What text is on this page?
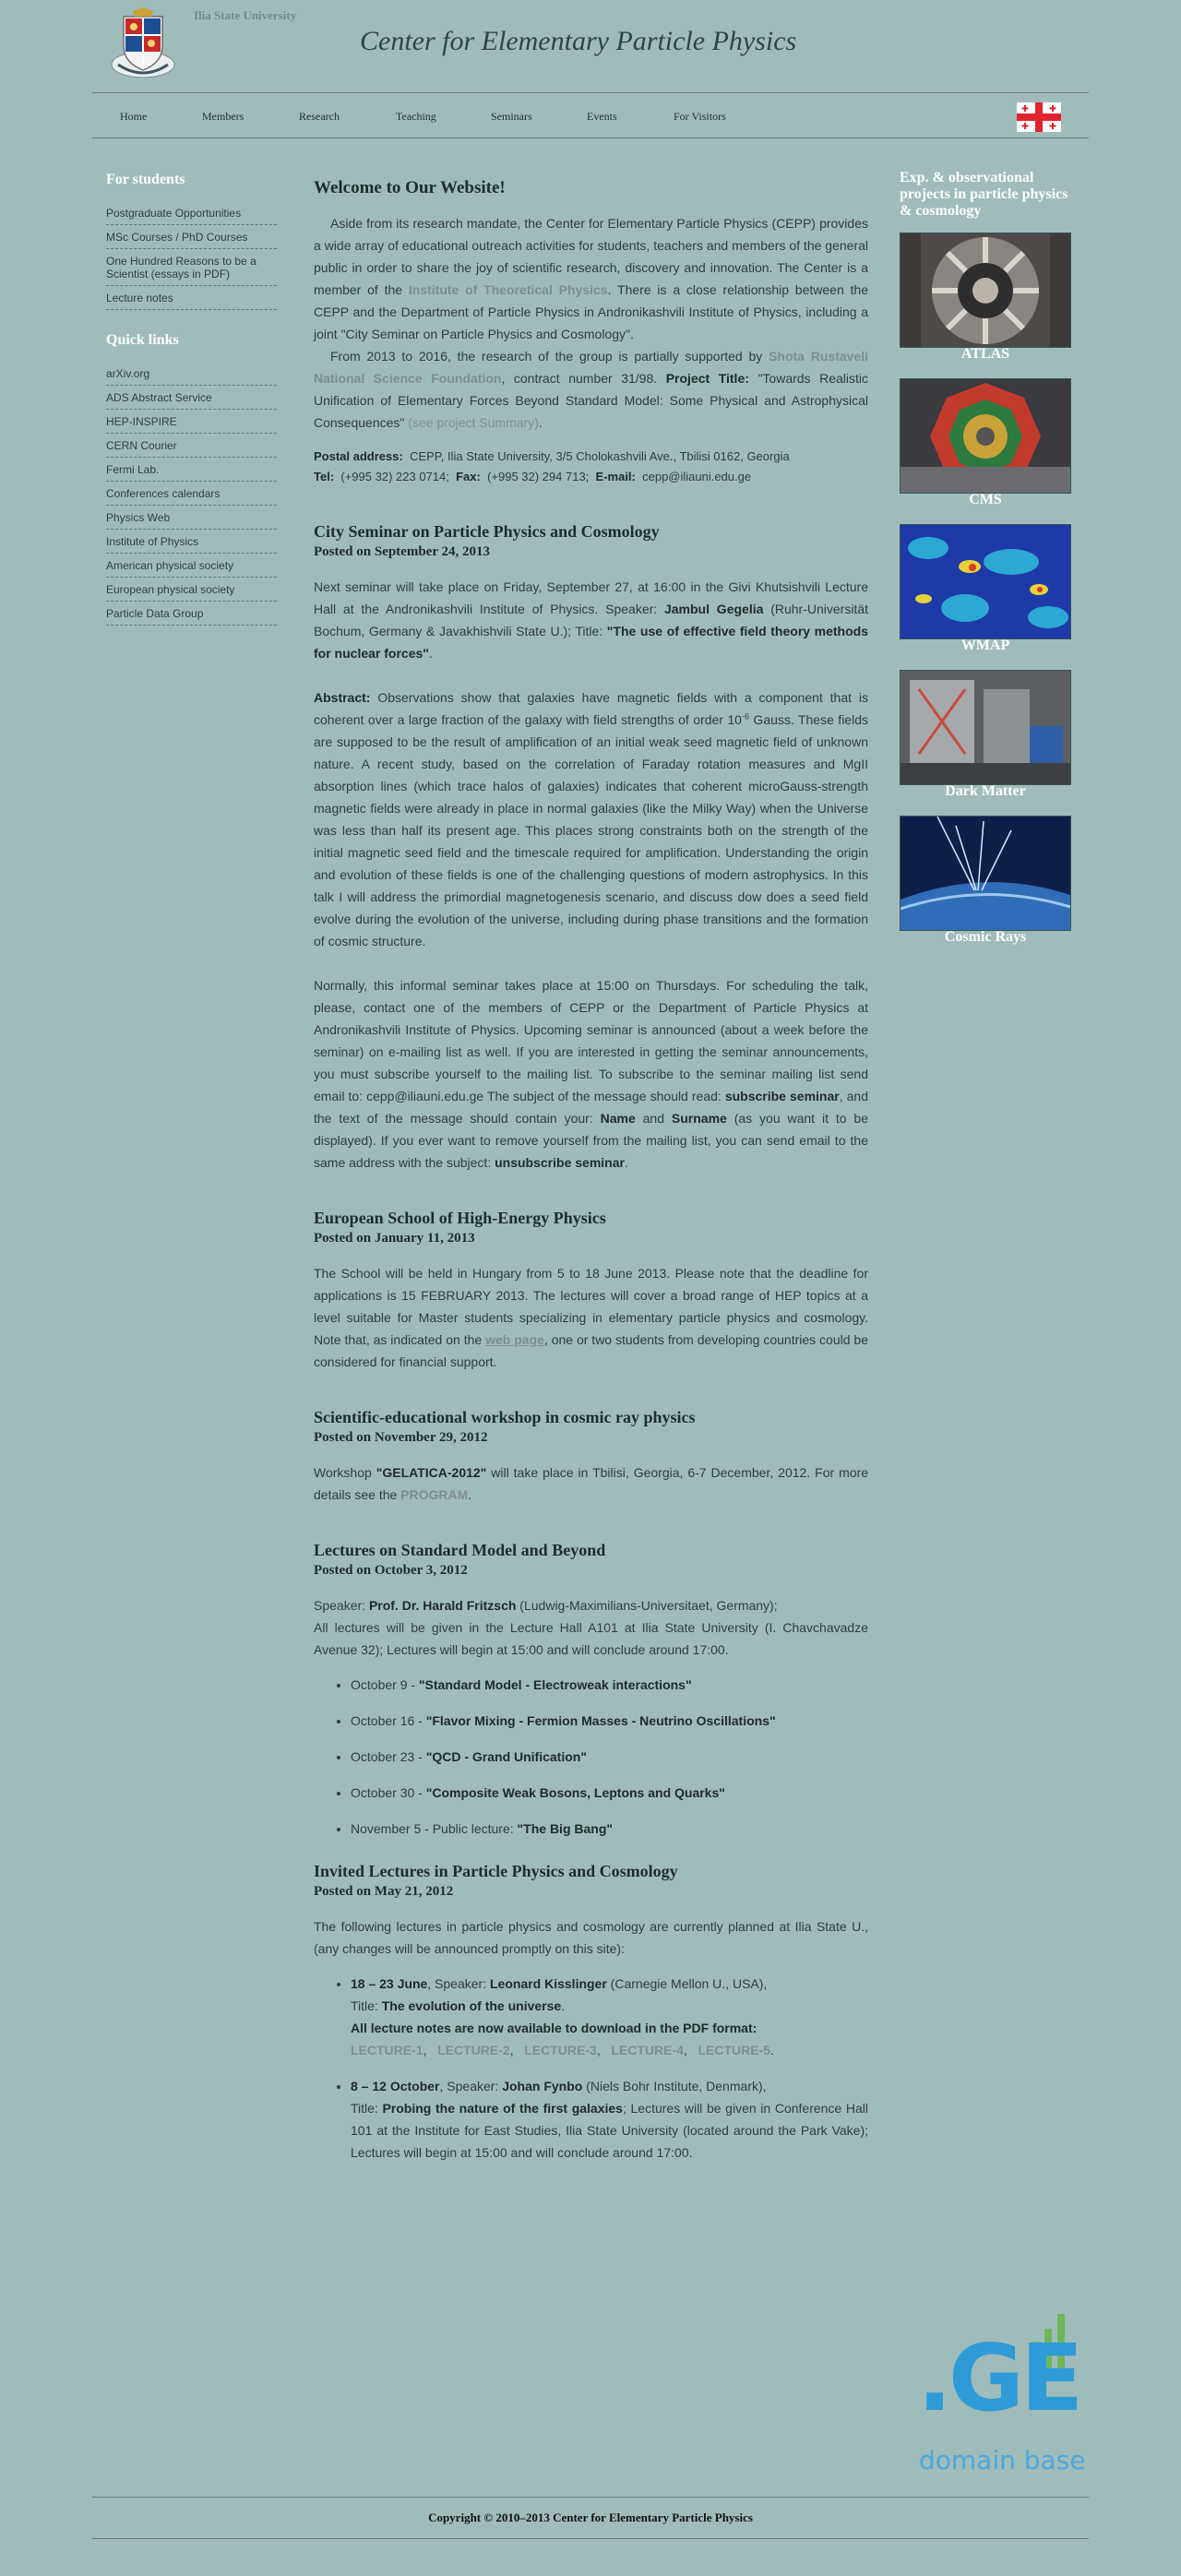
Ilia State University
Center for Elementary Particle Physics
Home	Members	Research	Teaching	Seminars	Events	For Visitors
For students
Postgraduate Opportunities
MSc Courses / PhD Courses
One Hundred Reasons to be a Scientist (essays in PDF)
Lecture notes
Quick links
arXiv.org
ADS Abstract Service
HEP-INSPIRE
CERN Courier
Fermi Lab.
Conferences calendars
Physics Web
Institute of Physics
American physical society
European physical society
Particle Data Group
Welcome to Our Website!

Aside from its research mandate, the Center for Elementary Particle Physics (CEPP) provides a wide array of educational outreach activities for students, teachers and members of the general public in order to share the joy of scientific research, discovery and innovation. The Center is a member of the Institute of Theoretical Physics. There is a close relationship between the CEPP and the Department of Particle Physics in Andronikashvili Institute of Physics, including a joint "City Seminar on Particle Physics and Cosmology".

From 2013 to 2016, the research of the group is partially supported by Shota Rustaveli National Science Foundation, contract number 31/98. Project Title: "Towards Realistic Unification of Elementary Forces Beyond Standard Model: Some Physical and Astrophysical Consequences" (see project Summary).

Postal address: CEPP, Ilia State University, 3/5 Cholokashvili Ave., Tbilisi 0162, Georgia
Tel: (+995 32) 223 0714; Fax: (+995 32) 294 713; E-mail: cepp@iliauni.edu.ge
City Seminar on Particle Physics and Cosmology
Posted on September 24, 2013

Next seminar will take place on Friday, September 27, at 16:00 in the Givi Khutsishvili Lecture Hall at the Andronikashvili Institute of Physics. Speaker: Jambul Gegelia (Ruhr-Universität Bochum, Germany & Javakhishvili State U.); Title: "The use of effective field theory methods for nuclear forces".

Abstract: Observations show that galaxies have magnetic fields with a component that is coherent over a large fraction of the galaxy with field strengths of order $10^{-6}$ Gauss. These fields are supposed to be the result of amplification of an initial weak seed magnetic field of unknown nature. A recent study, based on the correlation of Faraday rotation measures and MgII absorption lines (which trace halos of galaxies) indicates that coherent microGauss-strength magnetic fields were already in place in normal galaxies (like the Milky Way) when the Universe was less than half its present age. This places strong constraints both on the strength of the initial magnetic seed field and the timescale required for amplification. Understanding the origin and evolution of these fields is one of the challenging questions of modern astrophysics. In this talk I will address the primordial magnetogenesis scenario, and discuss dow does a seed field evolve during the evolution of the universe, including during phase transitions and the formation of cosmic structure.

Normally, this informal seminar takes place at 15:00 on Thursdays. For scheduling the talk, please, contact one of the members of CEPP or the Department of Particle Physics at Andronikashvili Institute of Physics. Upcoming seminar is announced (about a week before the seminar) on e-mailing list as well. If you are interested in getting the seminar announcements, you must subscribe yourself to the mailing list. To subscribe to the seminar mailing list send email to: cepp@iliauni.edu.ge The subject of the message should read: subscribe seminar, and the text of the message should contain your: Name and Surname (as you want it to be displayed). If you ever want to remove yourself from the mailing list, you can send email to the same address with the subject: unsubscribe seminar.

European School of High-Energy Physics
Posted on January 11, 2013

The School will be held in Hungary from 5 to 18 June 2013. Please note that the deadline for applications is 15 FEBRUARY 2013. The lectures will cover a broad range of HEP topics at a level suitable for Master students specializing in elementary particle physics and cosmology. Note that, as indicated on the web page, one or two students from developing countries could be considered for financial support.

Scientific-educational workshop in cosmic ray physics
Posted on November 29, 2012

Workshop "GELATICA-2012" will take place in Tbilisi, Georgia, 6-7 December, 2012. For more details see the PROGRAM.

Lectures on Standard Model and Beyond
Posted on October 3, 2012

Speaker: Prof. Dr. Harald Fritzsch (Ludwig-Maximilians-Universitaet, Germany);

All lectures will be given in the Lecture Hall A101 at Ilia State University (I. Chavchavadze Avenue 32); Lectures will begin at 15:00 and will conclude around 17:00.

• October 9 - "Standard Model - Electroweak interactions"
• October 16 - "Flavor Mixing - Fermion Masses - Neutrino Oscillations"
• October 23 - "QCD - Grand Unification"
• October 30 - "Composite Weak Bosons, Leptons and Quarks"
• November 5 - Public lecture: "The Big Bang"
Invited Lectures in Particle Physics and Cosmology
Posted on May 21, 2012

The following lectures in particle physics and cosmology are currently planned at Ilia State U., (any changes will be announced promptly on this site):

• 18 – 23 June, Speaker: Leonard Kisslinger (Carnegie Mellon U., USA),
Title: The evolution of the universe.
All lecture notes are now available to download in the PDF format:
LECTURE-1,   LECTURE-2,   LECTURE-3,   LECTURE-4,   LECTURE-5.
• 8 – 12 October, Speaker: Johan Fynbo (Niels Bohr Institute, Denmark),
Title: Probing the nature of the first galaxies; Lectures will be given in Conference Hall 101 at the Institute for East Studies, Ilia State University (located around the Park Vake); Lectures will begin at 15:00 and will conclude around 17:00.
Exp. & observational projects in particle physics & cosmology
ATLAS
CMS
WMAP
Dark Matter
Cosmic Rays
.GE
domain base
Copyright © 2010–2013 Center for Elementary Particle Physics
